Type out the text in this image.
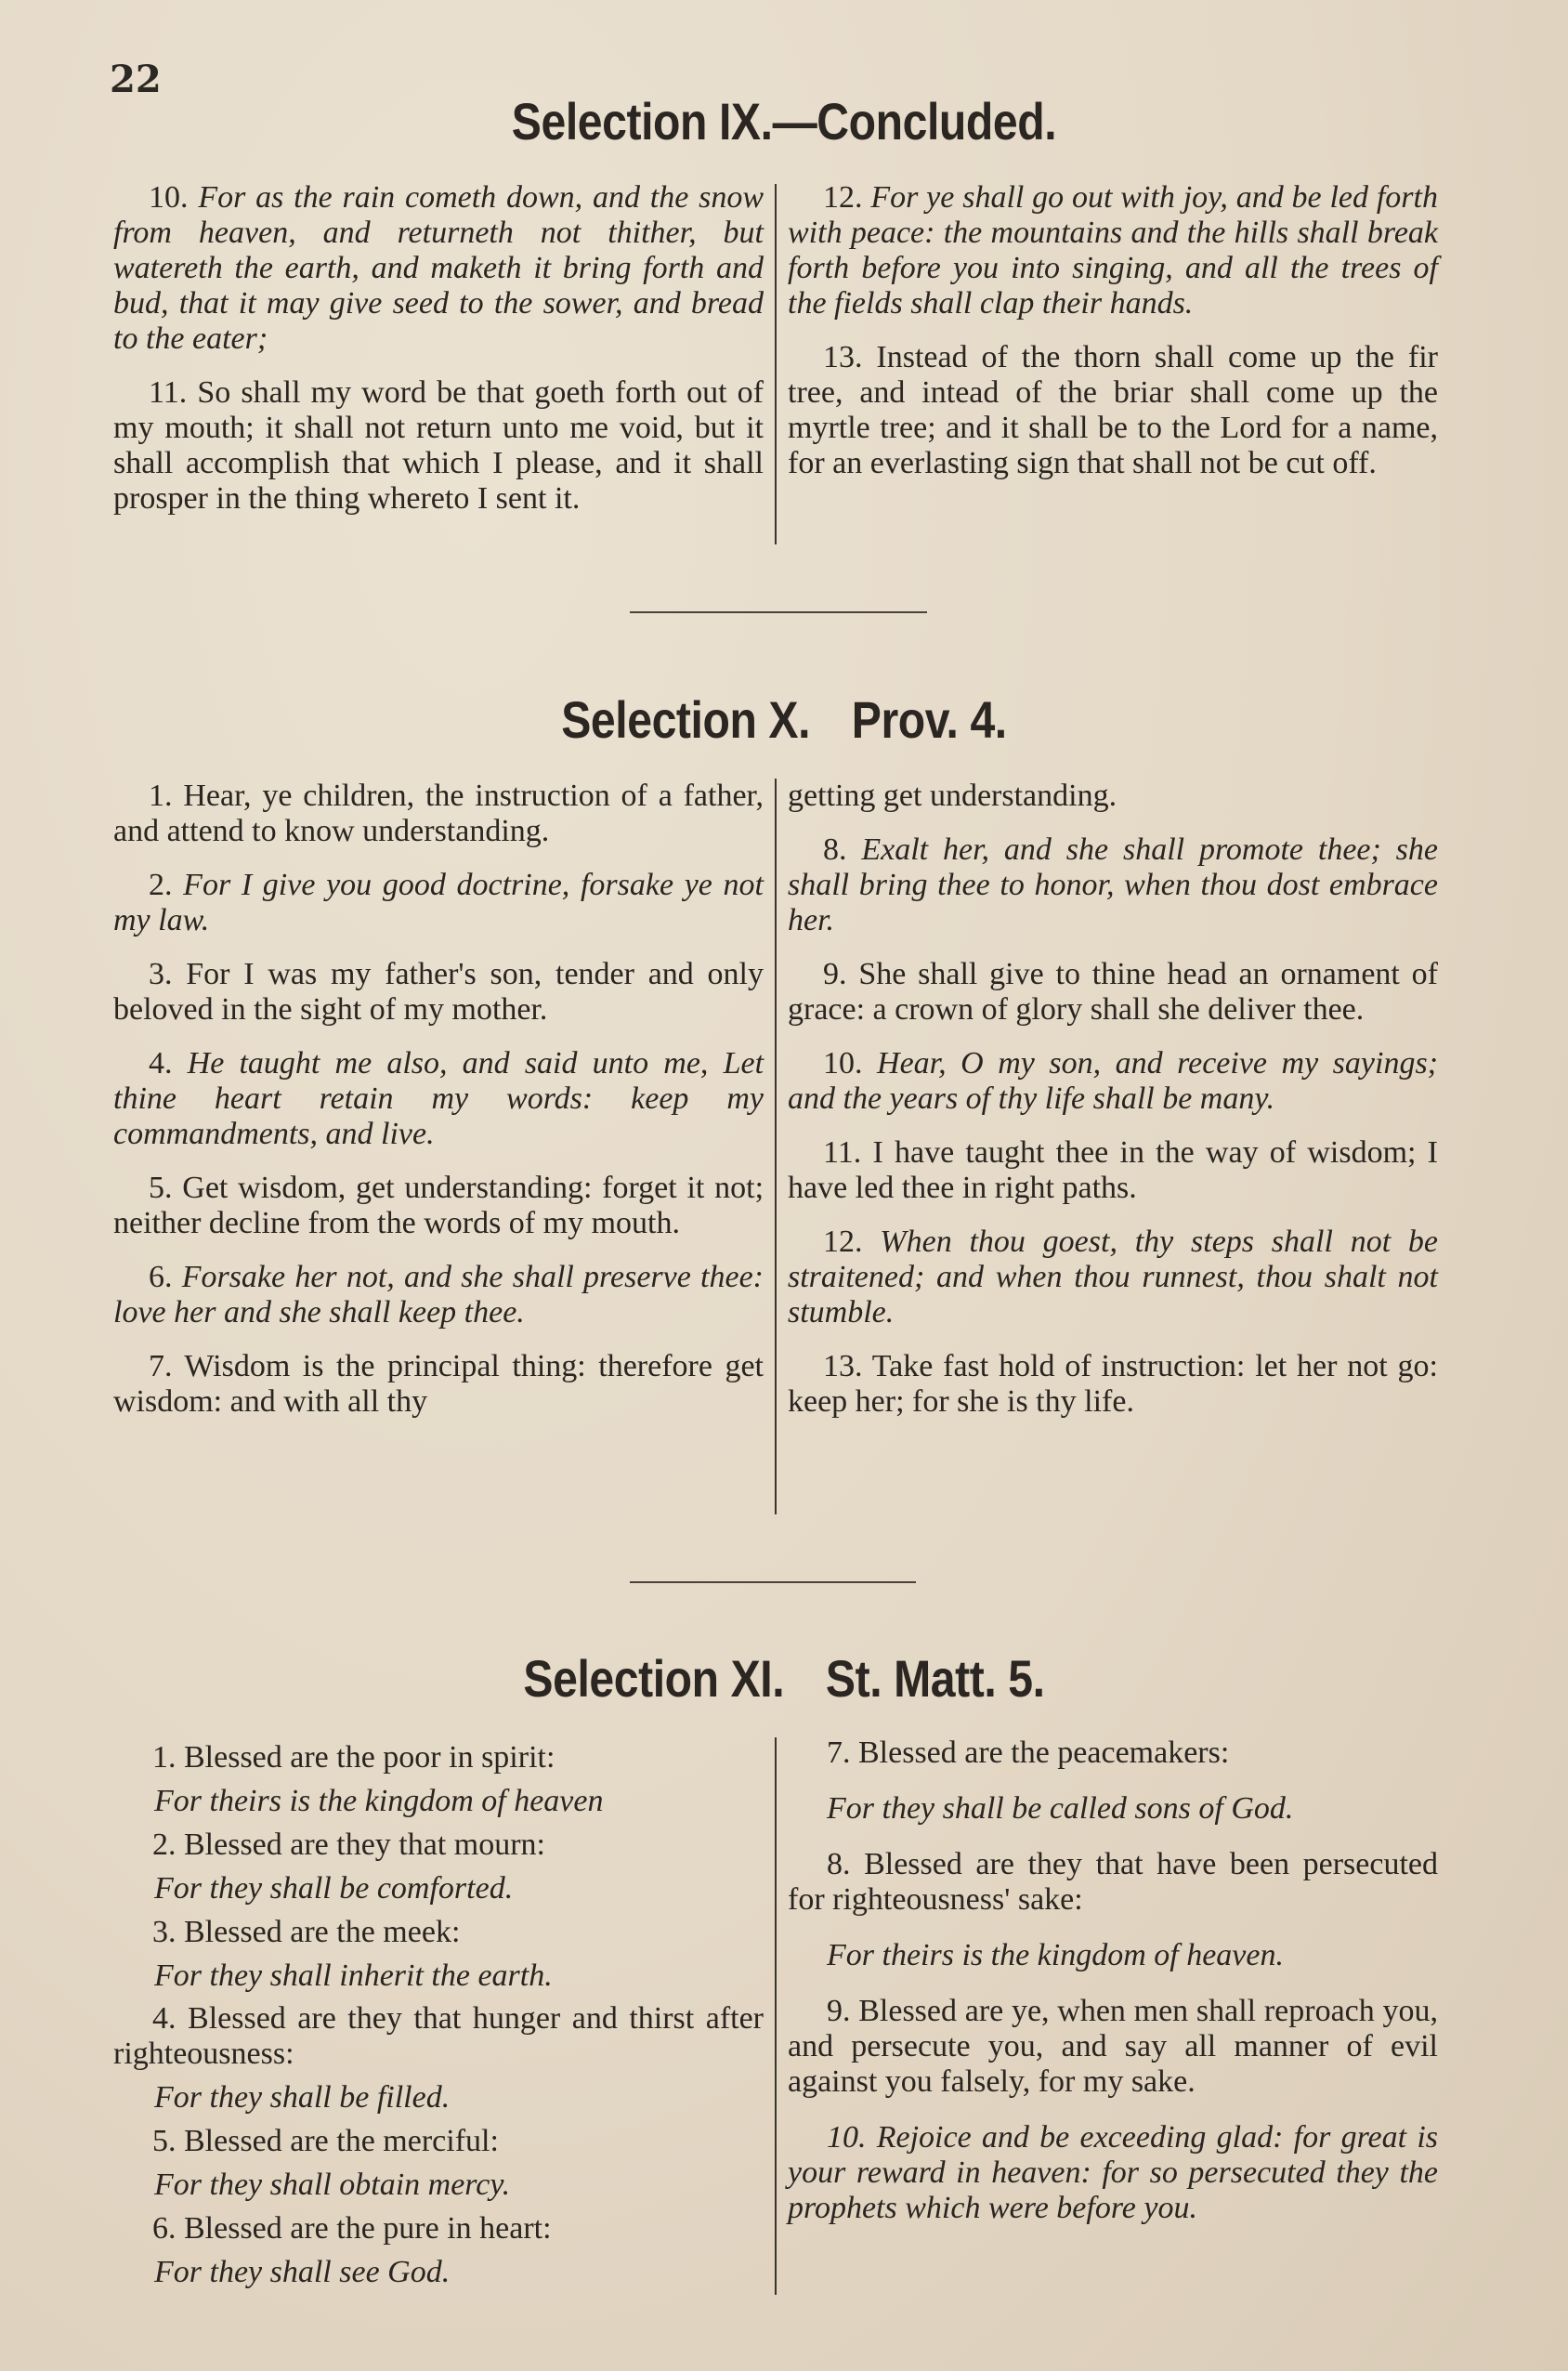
22
Selection IX.—Concluded.

10. For as the rain cometh down, and the snow from heaven, and returneth not thither, but watereth the earth, and maketh it bring forth and bud, that it may give seed to the sower, and bread to the eater;

11. So shall my word be that goeth forth out of my mouth; it shall not return unto me void, but it shall accomplish that which I please, and it shall prosper in the thing whereto I sent it.

12. For ye shall go out with joy, and be led forth with peace: the mountains and the hills shall break forth before you into singing, and all the trees of the fields shall clap their hands.

13. Instead of the thorn shall come up the fir tree, and intead of the briar shall come up the myrtle tree; and it shall be to the Lord for a name, for an everlasting sign that shall not be cut off.

Selection X. Prov. 4.

1. Hear, ye children, the instruction of a father, and attend to know understanding.

2. For I give you good doctrine, forsake ye not my law.

3. For I was my father's son, tender and only beloved in the sight of my mother.

4. He taught me also, and said unto me, Let thine heart retain my words: keep my commandments, and live.

5. Get wisdom, get understanding: forget it not; neither decline from the words of my mouth.

6. Forsake her not, and she shall preserve thee: love her and she shall keep thee.

7. Wisdom is the principal thing: therefore get wisdom: and with all thy

getting get understanding.

8. Exalt her, and she shall promote thee; she shall bring thee to honor, when thou dost embrace her.

9. She shall give to thine head an ornament of grace: a crown of glory shall she deliver thee.

10. Hear, O my son, and receive my sayings; and the years of thy life shall be many.

11. I have taught thee in the way of wisdom; I have led thee in right paths.

12. When thou goest, thy steps shall not be straitened; and when thou runnest, thou shalt not stumble.

13. Take fast hold of instruction: let her not go: keep her; for she is thy life.

Selection XI. St. Matt. 5.

1. Blessed are the poor in spirit:

For theirs is the kingdom of heaven

2. Blessed are they that mourn:

For they shall be comforted.

3. Blessed are the meek:

For they shall inherit the earth.

4. Blessed are they that hunger and thirst after righteousness:

For they shall be filled.

5. Blessed are the merciful:

For they shall obtain mercy.

6. Blessed are the pure in heart:

For they shall see God.

7. Blessed are the peacemakers:

For they shall be called sons of God.

8. Blessed are they that have been persecuted for righteousness' sake:

For theirs is the kingdom of heaven.

9. Blessed are ye, when men shall reproach you, and persecute you, and say all manner of evil against you falsely, for my sake.

10. Rejoice and be exceeding glad: for great is your reward in heaven: for so persecuted they the prophets which were before you.
